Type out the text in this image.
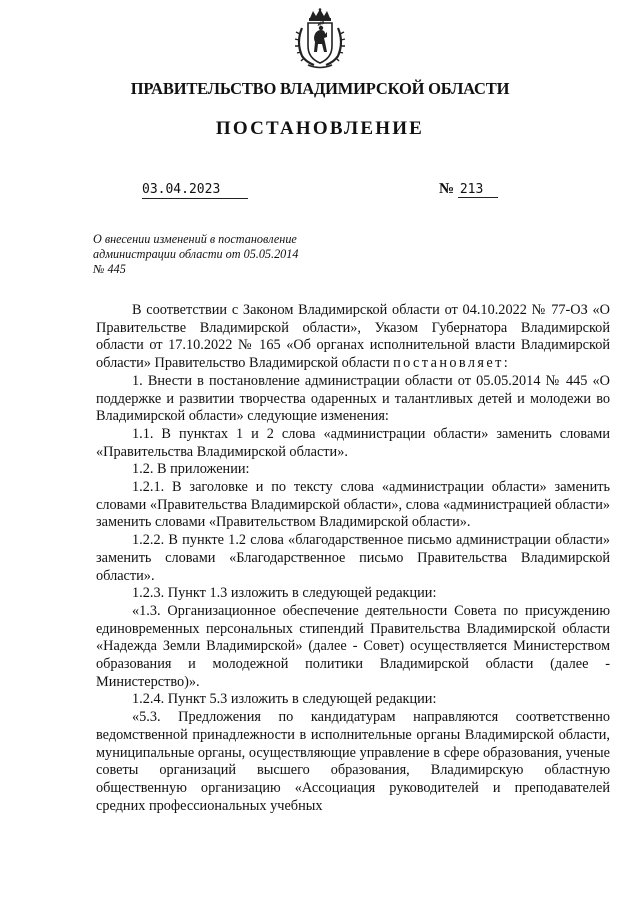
ПРАВИТЕЛЬСТВО ВЛАДИМИРСКОЙ ОБЛАСТИ
ПОСТАНОВЛЕНИЕ
03.04.2023	№ 213
О внесении изменений в постановление
администрации области от 05.05.2014
№ 445

В соответствии с Законом Владимирской области от 04.10.2022 № 77-ОЗ «О Правительстве Владимирской области», Указом Губернатора Владимирской области от 17.10.2022 № 165 «Об органах исполнительной власти Владимирской области» Правительство Владимирской области постановляет:

1. Внести в постановление администрации области от 05.05.2014 № 445 «О поддержке и развитии творчества одаренных и талантливых детей и молодежи во Владимирской области» следующие изменения:

1.1. В пунктах 1 и 2 слова «администрации области» заменить словами «Правительства Владимирской области».

1.2. В приложении:

1.2.1. В заголовке и по тексту слова «администрации области» заменить словами «Правительства Владимирской области», слова «администрацией области» заменить словами «Правительством Владимирской области».

1.2.2. В пункте 1.2 слова «благодарственное письмо администрации области» заменить словами «Благодарственное письмо Правительства Владимирской области».

1.2.3. Пункт 1.3 изложить в следующей редакции:

«1.3. Организационное обеспечение деятельности Совета по присуждению единовременных персональных стипендий Правительства Владимирской области «Надежда Земли Владимирской» (далее - Совет) осуществляется Министерством образования и молодежной политики Владимирской области (далее - Министерство)».

1.2.4. Пункт 5.3 изложить в следующей редакции:

«5.3. Предложения по кандидатурам направляются соответственно ведомственной принадлежности в исполнительные органы Владимирской области, муниципальные органы, осуществляющие управление в сфере образования, ученые советы организаций высшего образования, Владимирскую областную общественную организацию «Ассоциация руководителей и преподавателей средних профессиональных учебных
